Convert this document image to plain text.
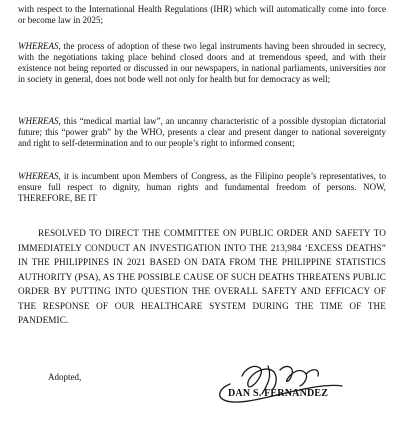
with respect to the International Health Regulations (IHR) which will automatically come into force or become law in 2025;

WHEREAS, the process of adoption of these two legal instruments having been shrouded in secrecy, with the negotiations taking place behind closed doors and at tremendous speed, and with their existence not being reported or discussed in our newspapers, in national parliaments, universities nor in society in general, does not bode well not only for health but for democracy as well;

WHEREAS, this “medical martial law”, an uncanny characteristic of a possible dystopian dictatorial future; this “power grab” by the WHO, presents a clear and present danger to national sovereignty and right to self-determination and to our people’s right to informed consent;

WHEREAS, it is incumbent upon Members of Congress, as the Filipino people’s representatives, to ensure full respect to dignity, human rights and fundamental freedom of persons. NOW, THEREFORE, BE IT

RESOLVED TO DIRECT THE COMMITTEE ON PUBLIC ORDER AND SAFETY TO IMMEDIATELY CONDUCT AN INVESTIGATION INTO THE 213,984 ‘EXCESS DEATHS” IN THE PHILIPPINES IN 2021 BASED ON DATA FROM THE PHILIPPINE STATISTICS AUTHORITY (PSA), AS THE POSSIBLE CAUSE OF SUCH DEATHS THREATENS PUBLIC ORDER BY PUTTING INTO QUESTION THE OVERALL SAFETY AND EFFICACY OF THE RESPONSE OF OUR HEALTHCARE SYSTEM DURING THE TIME OF THE PANDEMIC.

Adopted,

DAN S. FERNANDEZ
